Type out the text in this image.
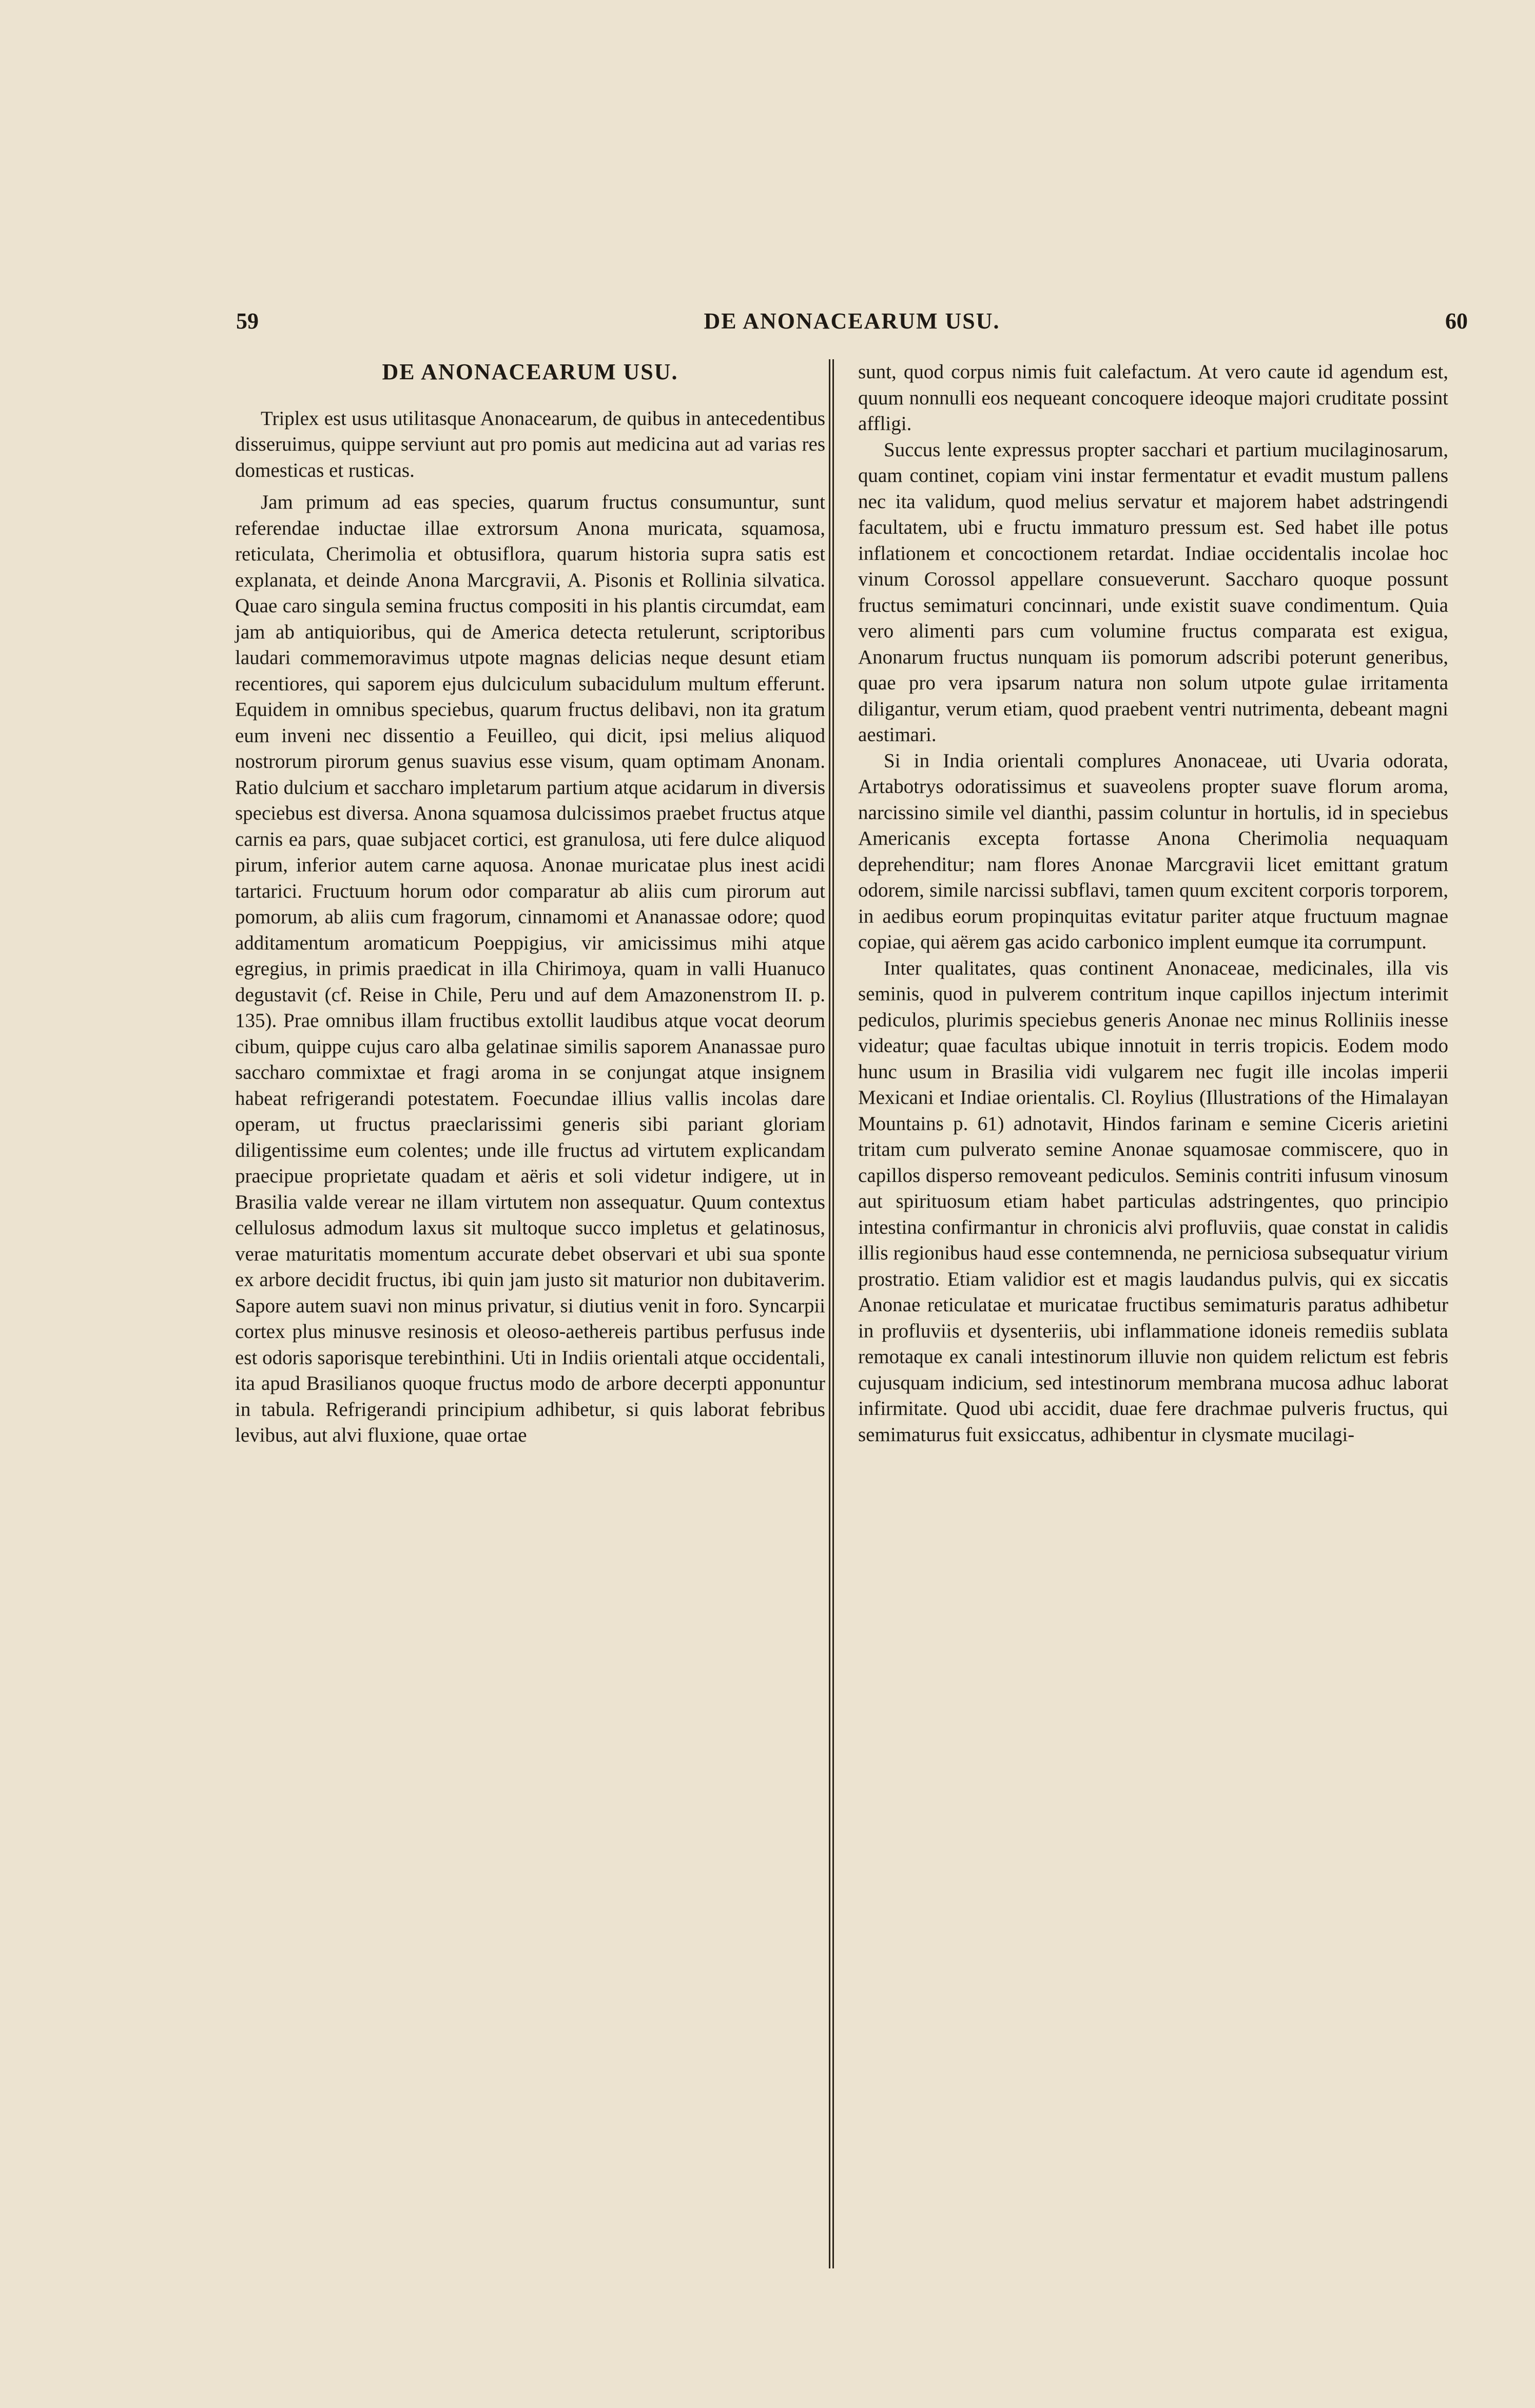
59	DE ANONACEARUM USU.	60
DE ANONACEARUM USU.

Triplex est usus utilitasque Anonacearum, de quibus in antecedentibus disseruimus, quippe serviunt aut pro pomis aut medicina aut ad varias res domesticas et rusticas.

Jam primum ad eas species, quarum fructus consumuntur, sunt referendae inductae illae extrorsum Anona muricata, squamosa, reticulata, Cherimolia et obtusiflora, quarum historia supra satis est explanata, et deinde Anona Marcgravii, A. Pisonis et Rollinia silvatica. Quae caro singula semina fructus compositi in his plantis circumdat, eam jam ab antiquioribus, qui de America detecta retulerunt, scriptoribus laudari commemoravimus utpote magnas delicias neque desunt etiam recentiores, qui saporem ejus dulciculum subacidulum multum efferunt. Equidem in omnibus speciebus, quarum fructus delibavi, non ita gratum eum inveni nec dissentio a Feuilleo, qui dicit, ipsi melius aliquod nostrorum pirorum genus suavius esse visum, quam optimam Anonam. Ratio dulcium et saccharo impletarum partium atque acidarum in diversis speciebus est diversa. Anona squamosa dulcissimos praebet fructus atque carnis ea pars, quae subjacet cortici, est granulosa, uti fere dulce aliquod pirum, inferior autem carne aquosa. Anonae muricatae plus inest acidi tartarici. Fructuum horum odor comparatur ab aliis cum pirorum aut pomorum, ab aliis cum fragorum, cinnamomi et Ananassae odore; quod additamentum aromaticum Poeppigius, vir amicissimus mihi atque egregius, in primis praedicat in illa Chirimoya, quam in valli Huanuco degustavit (cf. Reise in Chile, Peru und auf dem Amazonenstrom II. p. 135). Prae omnibus illam fructibus extollit laudibus atque vocat deorum cibum, quippe cujus caro alba gelatinae similis saporem Ananassae puro saccharo commixtae et fragi aroma in se conjungat atque insignem habeat refrigerandi potestatem. Foecundae illius vallis incolas dare operam, ut fructus praeclarissimi generis sibi pariant gloriam diligentissime eum colentes; unde ille fructus ad virtutem explicandam praecipue proprietate quadam et aëris et soli videtur indigere, ut in Brasilia valde verear ne illam virtutem non assequatur. Quum contextus cellulosus admodum laxus sit multoque succo impletus et gelatinosus, verae maturitatis momentum accurate debet observari et ubi sua sponte ex arbore decidit fructus, ibi quin jam justo sit maturior non dubitaverim. Sapore autem suavi non minus privatur, si diutius venit in foro. Syncarpii cortex plus minusve resinosis et oleoso-aethereis partibus perfusus inde est odoris saporisque terebinthini. Uti in Indiis orientali atque occidentali, ita apud Brasilianos quoque fructus modo de arbore decerpti apponuntur in tabula. Refrigerandi principium adhibetur, si quis laborat febribus levibus, aut alvi fluxione, quae ortae

sunt, quod corpus nimis fuit calefactum. At vero caute id agendum est, quum nonnulli eos nequeant concoquere ideoque majori cruditate possint affligi.

Succus lente expressus propter sacchari et partium mucilaginosarum, quam continet, copiam vini instar fermentatur et evadit mustum pallens nec ita validum, quod melius servatur et majorem habet adstringendi facultatem, ubi e fructu immaturo pressum est. Sed habet ille potus inflationem et concoctionem retardat. Indiae occidentalis incolae hoc vinum Corossol appellare consueverunt. Saccharo quoque possunt fructus semimaturi concinnari, unde existit suave condimentum. Quia vero alimenti pars cum volumine fructus comparata est exigua, Anonarum fructus nunquam iis pomorum adscribi poterunt generibus, quae pro vera ipsarum natura non solum utpote gulae irritamenta diligantur, verum etiam, quod praebent ventri nutrimenta, debeant magni aestimari.

Si in India orientali complures Anonaceae, uti Uvaria odorata, Artabotrys odoratissimus et suaveolens propter suave florum aroma, narcissino simile vel dianthi, passim coluntur in hortulis, id in speciebus Americanis excepta fortasse Anona Cherimolia nequaquam deprehenditur; nam flores Anonae Marcgravii licet emittant gratum odorem, simile narcissi subflavi, tamen quum excitent corporis torporem, in aedibus eorum propinquitas evitatur pariter atque fructuum magnae copiae, qui aërem gas acido carbonico implent eumque ita corrumpunt.

Inter qualitates, quas continent Anonaceae, medicinales, illa vis seminis, quod in pulverem contritum inque capillos injectum interimit pediculos, plurimis speciebus generis Anonae nec minus Rolliniis inesse videatur; quae facultas ubique innotuit in terris tropicis. Eodem modo hunc usum in Brasilia vidi vulgarem nec fugit ille incolas imperii Mexicani et Indiae orientalis. Cl. Roylius (Illustrations of the Himalayan Mountains p. 61) adnotavit, Hindos farinam e semine Ciceris arietini tritam cum pulverato semine Anonae squamosae commiscere, quo in capillos disperso removeant pediculos. Seminis contriti infusum vinosum aut spirituosum etiam habet particulas adstringentes, quo principio intestina confirmantur in chronicis alvi profluviis, quae constat in calidis illis regionibus haud esse contemnenda, ne perniciosa subsequatur virium prostratio. Etiam validior est et magis laudandus pulvis, qui ex siccatis Anonae reticulatae et muricatae fructibus semimaturis paratus adhibetur in profluviis et dysenteriis, ubi inflammatione idoneis remediis sublata remotaque ex canali intestinorum illuvie non quidem relictum est febris cujusquam indicium, sed intestinorum membrana mucosa adhuc laborat infirmitate. Quod ubi accidit, duae fere drachmae pulveris fructus, qui semimaturus fuit exsiccatus, adhibentur in clysmate mucilagi-
